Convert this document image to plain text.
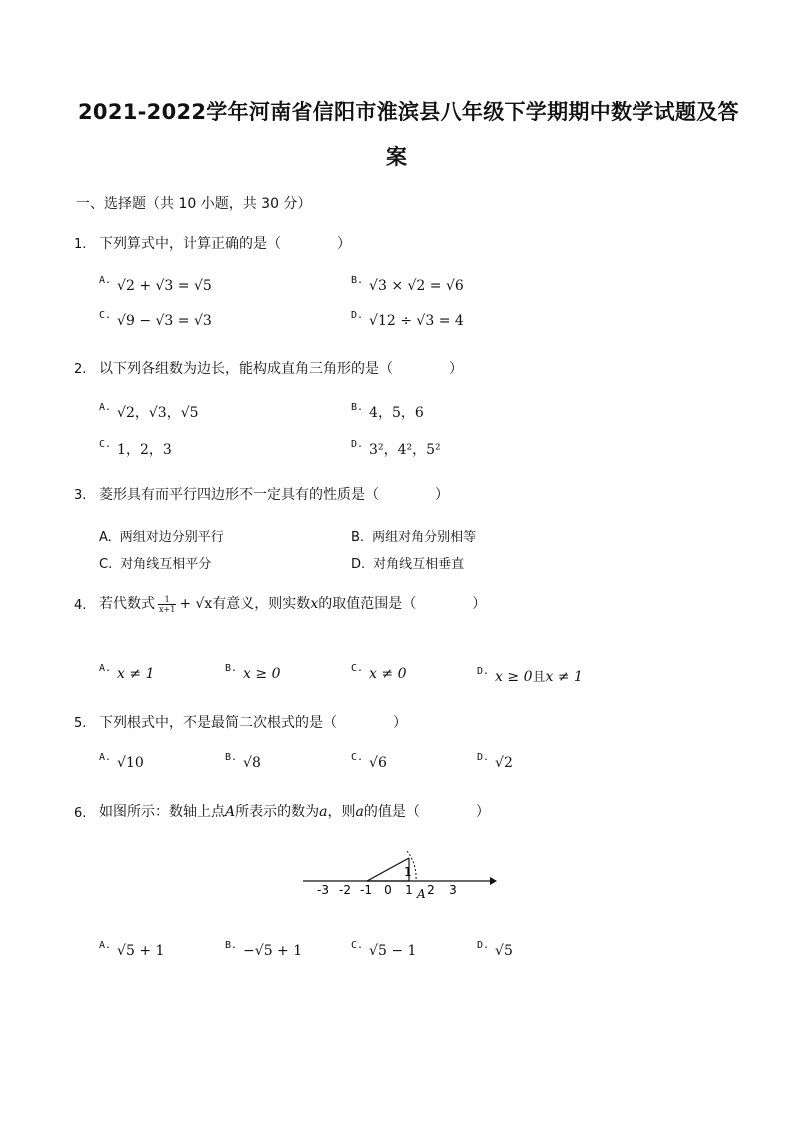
2021-2022学年河南省信阳市淮滨县八年级下学期期中数学试题及答
案
一、选择题（共 10 小题，共 30 分）
1. 下列算式中，计算正确的是（　　　　）
$^{A.}$ √2 + √3 = √5	$^{B.}$ √3 × √2 = √6
$^{C.}$ √9 − √3 = √3	$^{D.}$ √12 ÷ √3 = 4
2. 以下列各组数为边长，能构成直角三角形的是（　　　　）
$^{A.}$ √2，√3，√5	$^{B.}$ 4，5，6
$^{C.}$ 1，2，3	$^{D.}$ 3²，4²，5²
3. 菱形具有而平行四边形不一定具有的性质是（　　　　）
A. 两组对边分别平行	B. 两组对角分别相等
C. 对角线互相平分	D. 对角线互相垂直
4. 若代数式 $\frac{1}{x+1} + √x$有意义，则实数x的取值范围是（　　　　）
$^{A.}$ x ≠ 1	$^{B.}$ x ≥ 0	$^{C.}$ x ≠ 0	$^{D.}$ x ≥ 0且x ≠ 1
5. 下列根式中，不是最简二次根式的是（　　　　）
$^{A.}$ √10	$^{B.}$ √8	$^{C.}$ √6	$^{D.}$ √2
6. 如图所示：数轴上点A所表示的数为a，则a的值是（　　　　）
1
-3 -2 -1 0 1 2 3
A
$^{A.}$ √5 + 1	$^{B.}$ −√5 + 1	$^{C.}$ √5 − 1	$^{D.}$ √5
